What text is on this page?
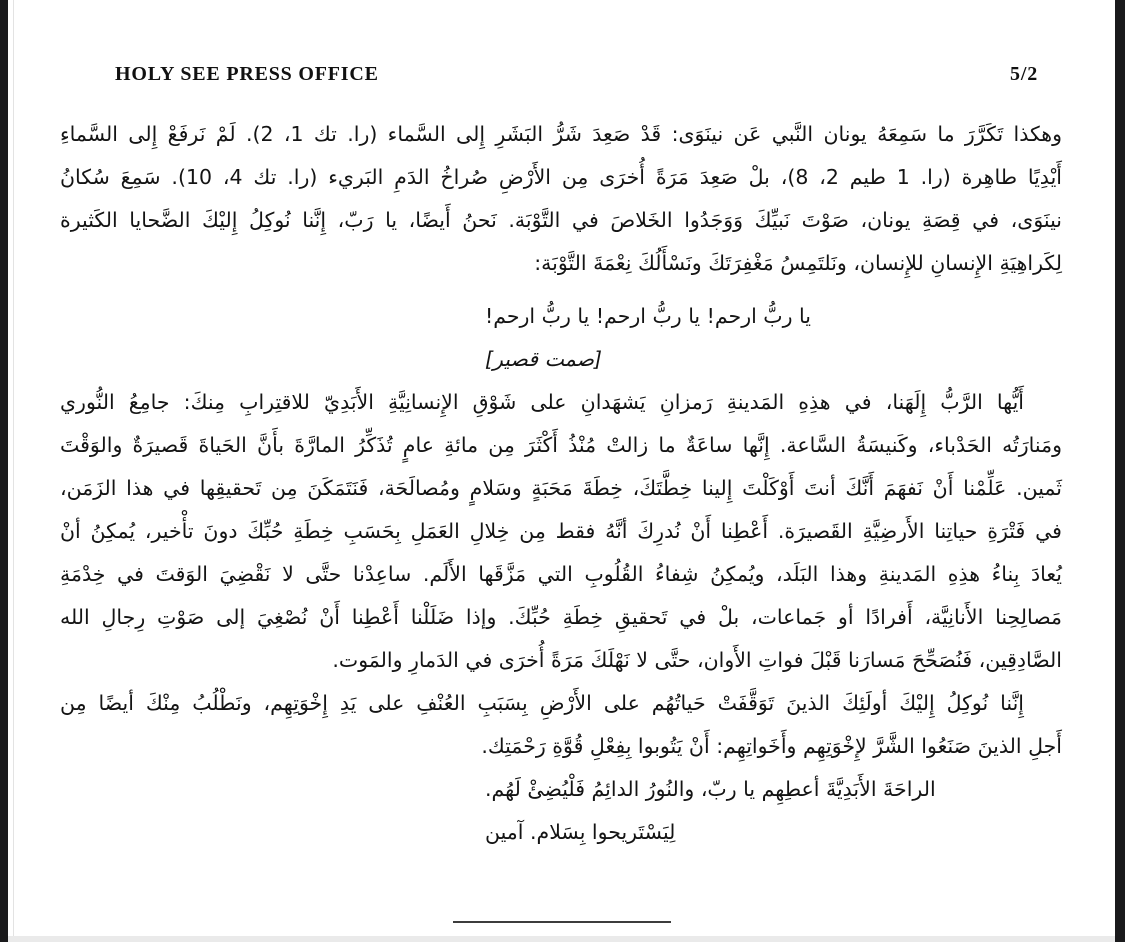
HOLY SEE PRESS OFFICE	5/2
وهكذا تَكَرَّرَ ما سَمِعَهُ يونان النَّبي عَن نينَوَى: قَدْ صَعِدَ شَرُّ البَشَرِ إِلى السَّماء (را. تك 1، 2). لَمْ نَرفَعْ إِلى السَّماءِ
أَيْدِيًا طاهِرة (را. 1 طيم 2، 8)، بلْ صَعِدَ مَرَةً أُخرَى مِن الأَرْضِ صُراخُ الدَمِ البَريء (را. تك 4، 10). سَمِعَ سُكانُ
نينَوَى، في قِصَةِ يونان، صَوْتَ نَبيِّكَ وَوَجَدُوا الخَلاصَ في التَّوْبَة. نَحنُ أَيضًا، يا رَبّ، إِنَّنا نُوكِلُ إِليْكَ الضَّحايا الكَثيرة
لِكَراهِيَةِ الإِنسانِ للإِنسان، ونَلتَمِسُ مَغْفِرَتَكَ ونَسْأَلُكَ نِعْمَةَ التَّوْبَة:
يا ربُّ ارحم! يا ربُّ ارحم! يا ربُّ ارحم!
[صمت قصير]
أَيُّها الرَّبُّ إِلَهَنا، في هذِهِ المَدينةِ رَمزانِ يَشهَدانِ على شَوْقِ الإِنسانِيَّةِ الأَبَدِيّ للاقتِرابِ مِنكَ: جامِعُ النُّوري
ومَنارَتُه الحَدْباء، وكَنيسَةُ السَّاعة. إِنَّها ساعَةٌ ما زالتْ مُنْذُ أَكْثَرَ مِن مائةِ عامٍ تُذَكِّرُ المارَّةَ بأَنَّ الحَياةَ قَصيرَةٌ والوَقْتَ
ثَمين. عَلِّمْنا أَنْ نَفهَمَ أَنَّكَ أنتَ أَوْكَلْتَ إِلينا خِطَّتَكَ، خِطَةَ مَحَبَةٍ وسَلامٍ ومُصالَحَة، فَنَتَمَكَنَ مِن تَحقيقِها في هذا الزَمَن،
في فَتْرَةِ حياتِنا الأَرضِيَّةِ القَصيرَة. أَعْطِنا أَنْ نُدرِكَ أنَّهُ فقط مِن خِلالِ العَمَلِ بِحَسَبِ خِطَةِ حُبِّكَ دونَ تأْخير، يُمكِنُ أنْ
يُعادَ بِناءُ هذِهِ المَدينةِ وهذا البَلَد، ويُمكِنُ شِفاءُ القُلُوبِ التي مَزَّقَها الأَلَم. ساعِدْنا حتَّى لا نَقْضِيَ الوَقتَ في خِدْمَةِ
مَصالِحِنا الأَنانِيَّة، أَفرادًا أو جَماعات، بلْ في تَحقيقِ خِطَةِ حُبِّكَ. وإذا ضَلَلْنا أَعْطِنا أَنْ نُصْغِيَ إلى صَوْتِ رِجالِ الله
الصَّادِقِين، فَنُصَحِّحَ مَسارَنا قَبْلَ فواتِ الأَوان، حتَّى لا نَهْلَكَ مَرَةً أُخرَى في الدَمارِ والمَوت.
إِنَّنا نُوكِلُ إِليْكَ أولَئِكَ الذينَ تَوَقَّفَتْ حَياتُهُم على الأَرْضِ بِسَبَبِ العُنْفِ على يَدِ إِخْوَتِهِم، ونَطْلُبُ مِنْكَ أيضًا مِن
أَجلِ الذينَ صَنَعُوا الشَّرَّ لإِخْوَتِهِم وأَخَواتِهِم: أَنْ يَتُوبوا بِفِعْلِ قُوَّةِ رَحْمَتِك.
الراحَةَ الأَبَدِيَّةَ أعطِهِم يا ربّ، والنُورُ الدائِمُ فَلْيُضِئْ لَهُم.
لِيَسْتَريحوا بِسَلام. آمين
